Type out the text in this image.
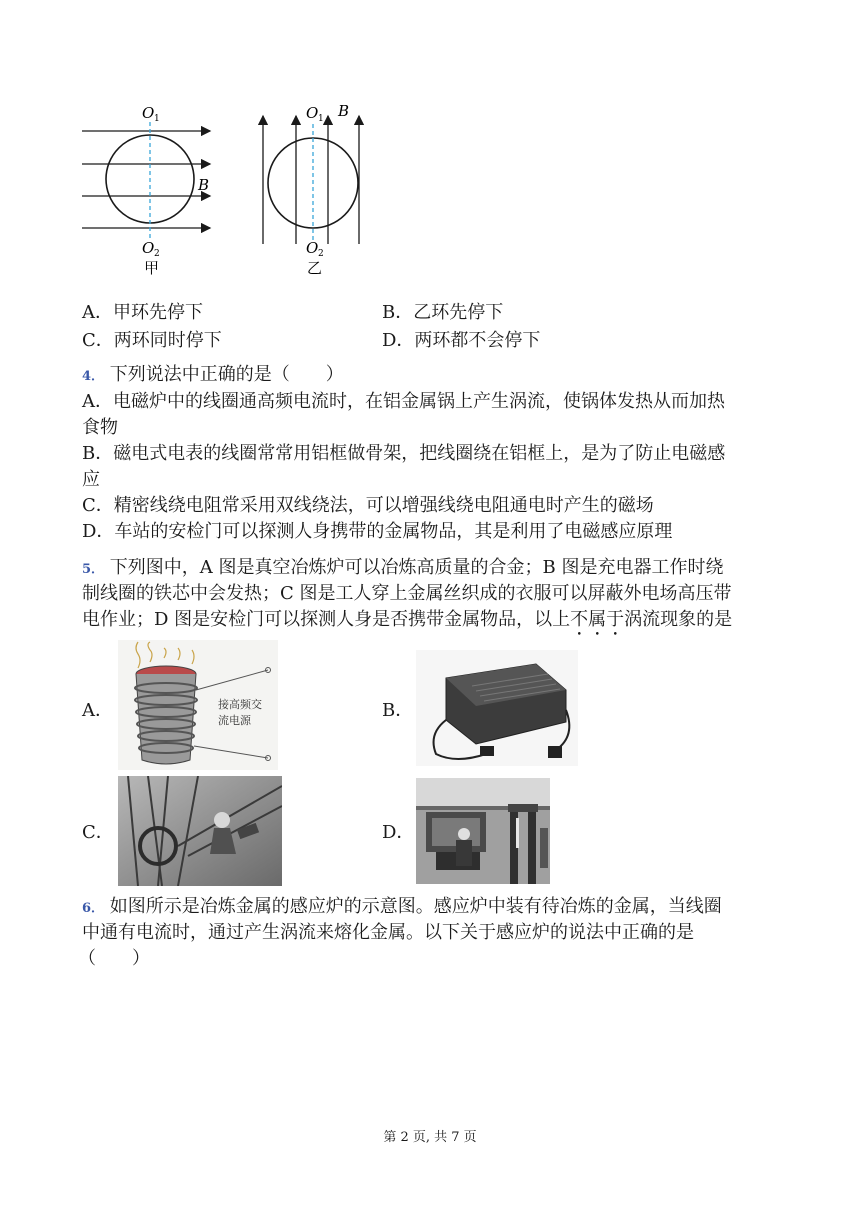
O 1
B
O 2
甲
O 1 B
O 2
乙
A．甲环先停下	B．乙环先停下
C．两环同时停下	D．两环都不会停下
4． 下列说法中正确的是（　　）
A．电磁炉中的线圈通高频电流时，在铝金属锅上产生涡流，使锅体发热从而加热
食物
B．磁电式电表的线圈常常用铝框做骨架，把线圈绕在铝框上，是为了防止电磁感
应
C．精密线绕电阻常采用双线绕法，可以增强线绕电阻通电时产生的磁场
D．车站的安检门可以探测人身携带的金属物品，其是利用了电磁感应原理
5． 下列图中，A 图是真空冶炼炉可以冶炼高质量的合金；B 图是充电器工作时绕
制线圈的铁芯中会发热；C 图是工人穿上金属丝织成的衣服可以屏蔽外电场高压带
电作业；D 图是安检门可以探测人身是否携带金属物品，以上不属于涡流现象的是
A．	B．
C．	D．
接高频交
流电源
6． 如图所示是冶炼金属的感应炉的示意图。感应炉中装有待冶炼的金属，当线圈
中通有电流时，通过产生涡流来熔化金属。以下关于感应炉的说法中正确的是
（　　）
第 2 页, 共 7 页
